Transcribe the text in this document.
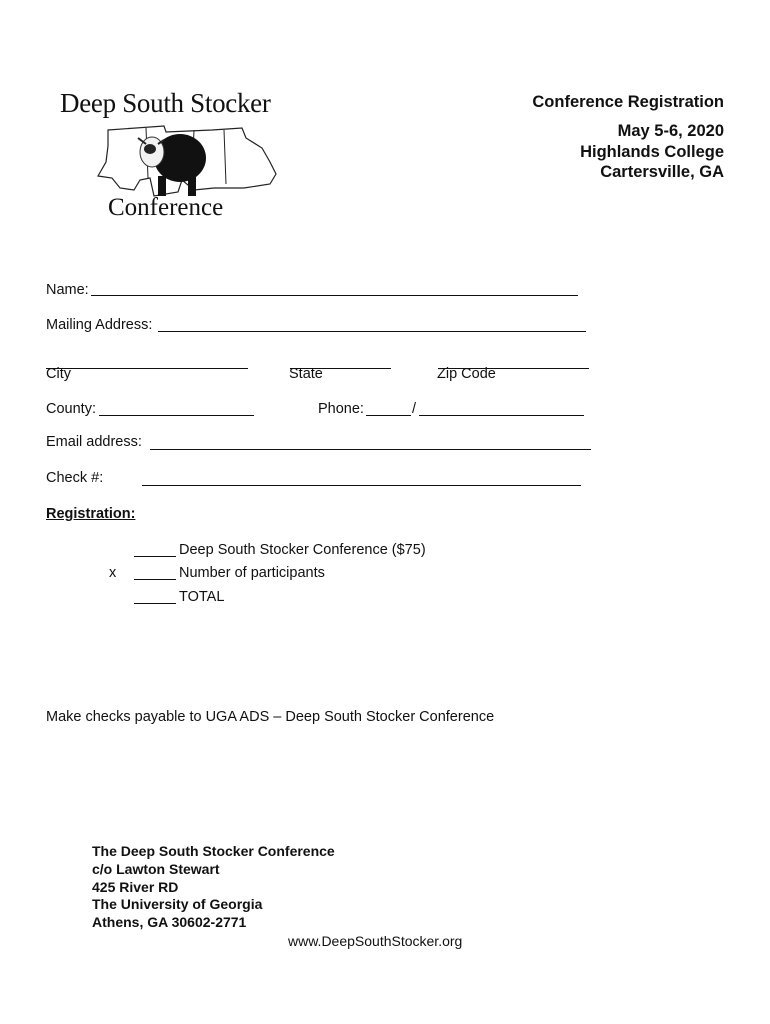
Deep South Stocker
Conference
Conference Registration
May 5-6, 2020
Highlands College
Cartersville, GA
Name:
Mailing Address:
City	State	Zip Code
County:	Phone:	/
Email address:
Check #:
Registration:
Deep South Stocker Conference ($75)
x	Number of participants
TOTAL
Make checks payable to UGA ADS – Deep South Stocker Conference
The Deep South Stocker Conference
c/o Lawton Stewart
425 River RD
The University of Georgia
Athens, GA 30602-2771
www.DeepSouthStocker.org
